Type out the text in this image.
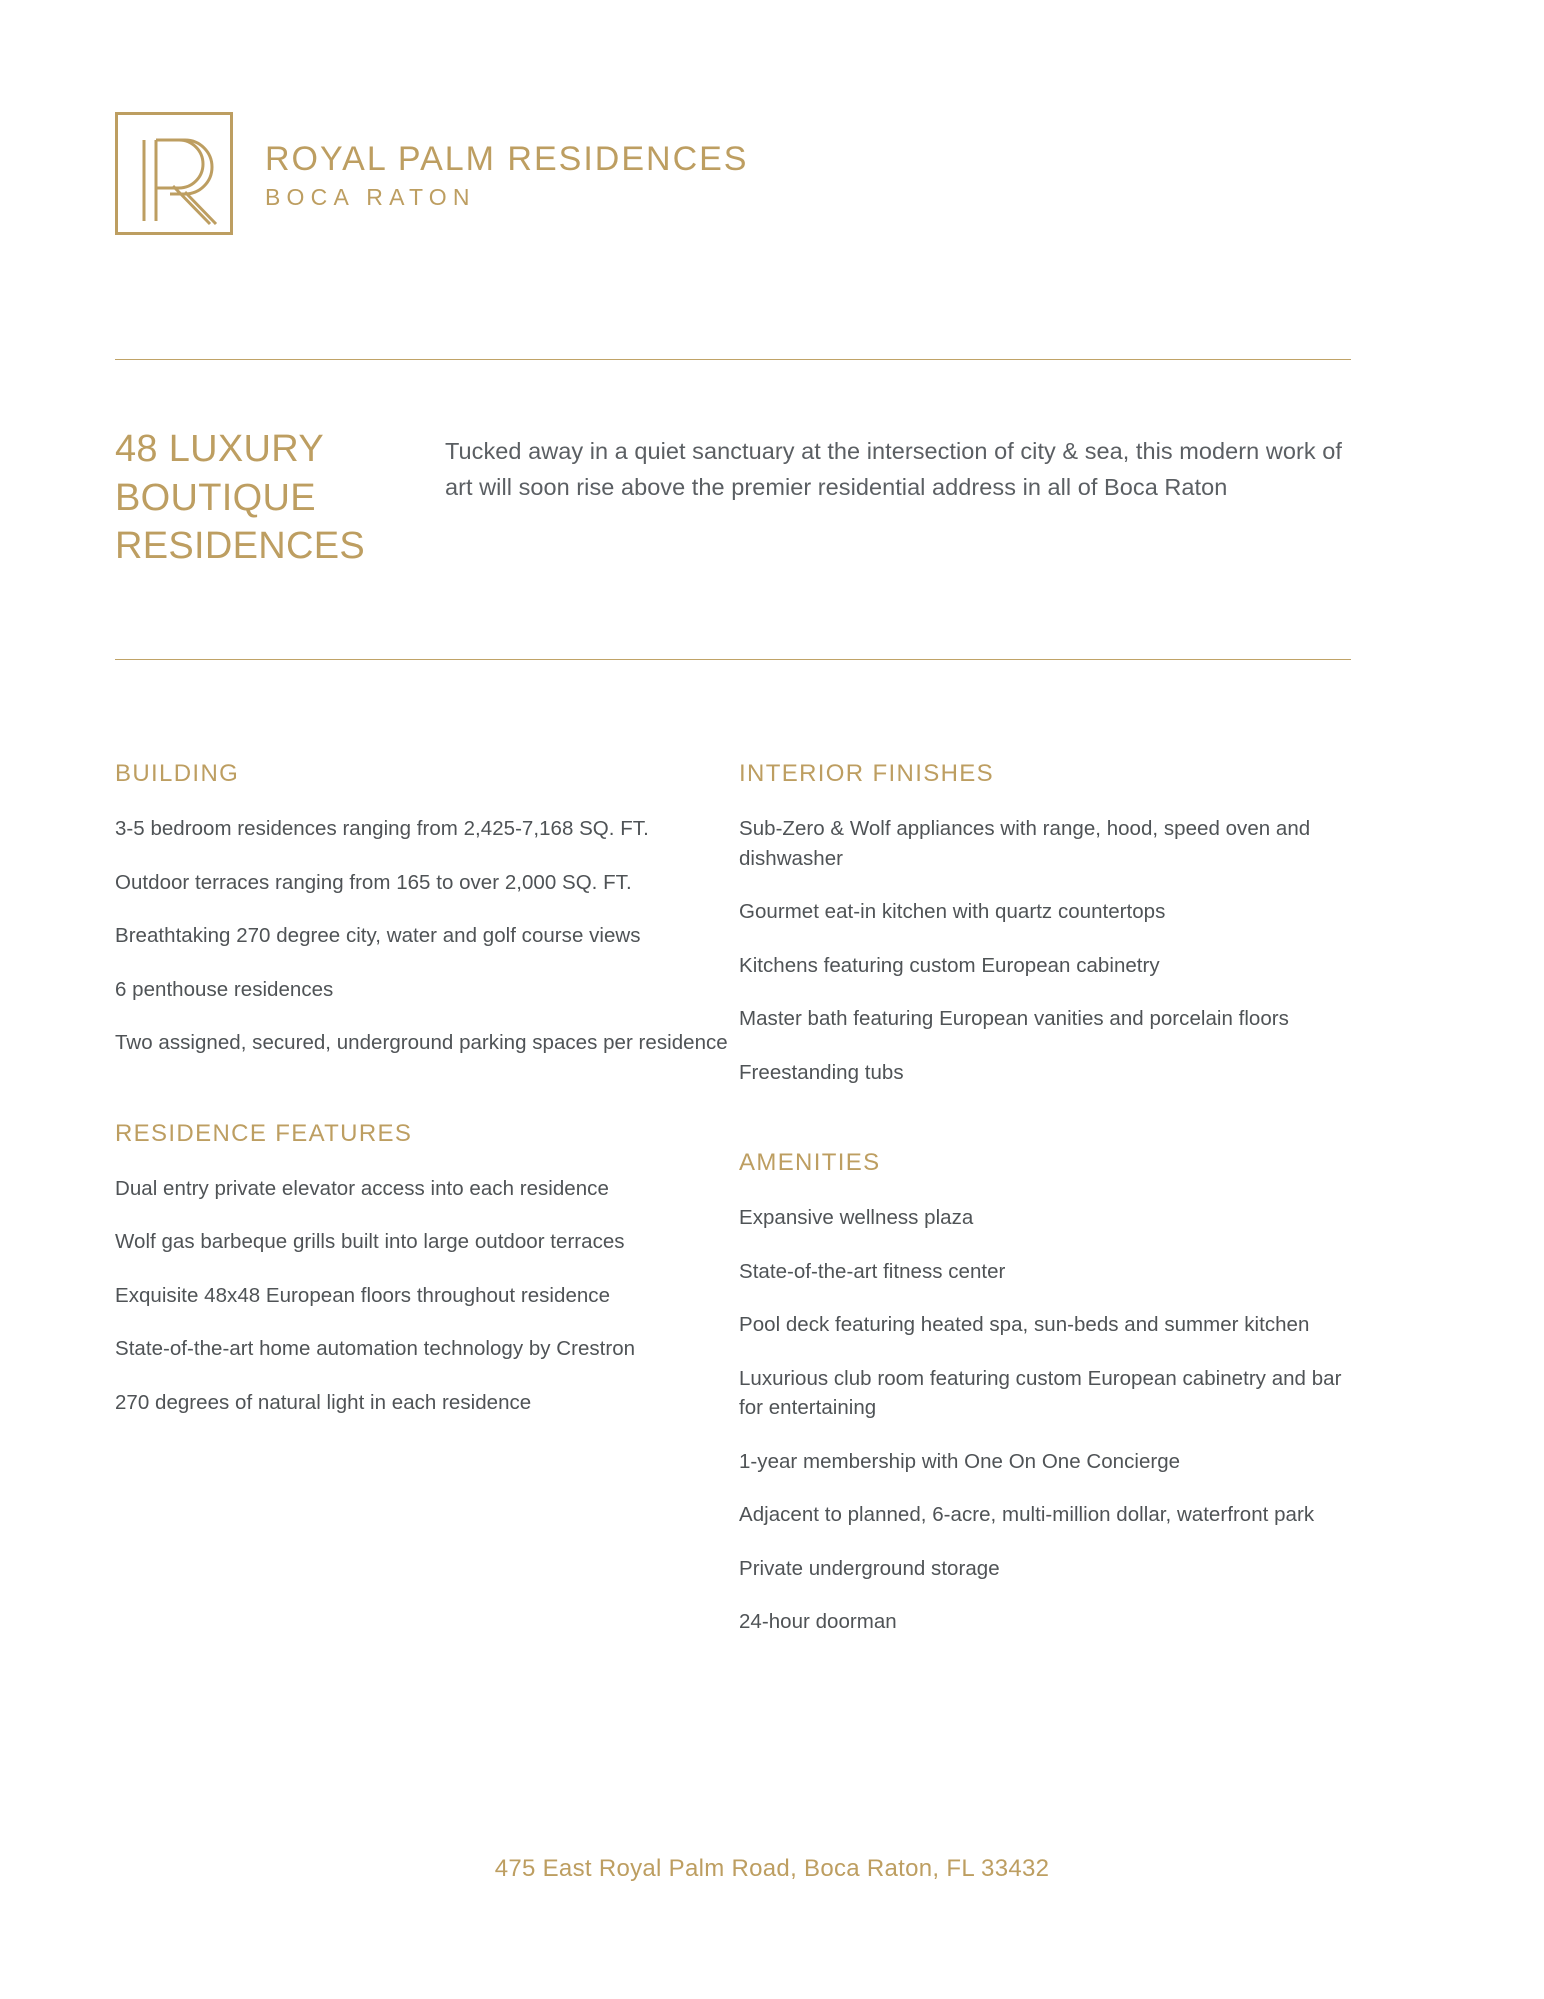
ROYAL PALM RESIDENCES
BOCA RATON
48 LUXURY BOUTIQUE RESIDENCES
Tucked away in a quiet sanctuary at the intersection of city & sea, this modern work of art will soon rise above the premier residential address in all of Boca Raton
BUILDING
3-5 bedroom residences ranging from 2,425-7,168 SQ. FT.
Outdoor terraces ranging from 165 to over 2,000 SQ. FT.
Breathtaking 270 degree city, water and golf course views
6 penthouse residences
Two assigned, secured, underground parking spaces per residence
RESIDENCE FEATURES
Dual entry private elevator access into each residence
Wolf gas barbeque grills built into large outdoor terraces
Exquisite 48x48 European floors throughout residence
State-of-the-art home automation technology by Crestron
270 degrees of natural light in each residence
INTERIOR FINISHES
Sub-Zero & Wolf appliances with range, hood, speed oven and dishwasher
Gourmet eat-in kitchen with quartz countertops
Kitchens featuring custom European cabinetry
Master bath featuring European vanities and porcelain floors
Freestanding tubs
AMENITIES
Expansive wellness plaza
State-of-the-art fitness center
Pool deck featuring heated spa, sun-beds and summer kitchen
Luxurious club room featuring custom European cabinetry and bar for entertaining
1-year membership with One On One Concierge
Adjacent to planned, 6-acre, multi-million dollar, waterfront park
Private underground storage
24-hour doorman
475 East Royal Palm Road, Boca Raton, FL 33432
